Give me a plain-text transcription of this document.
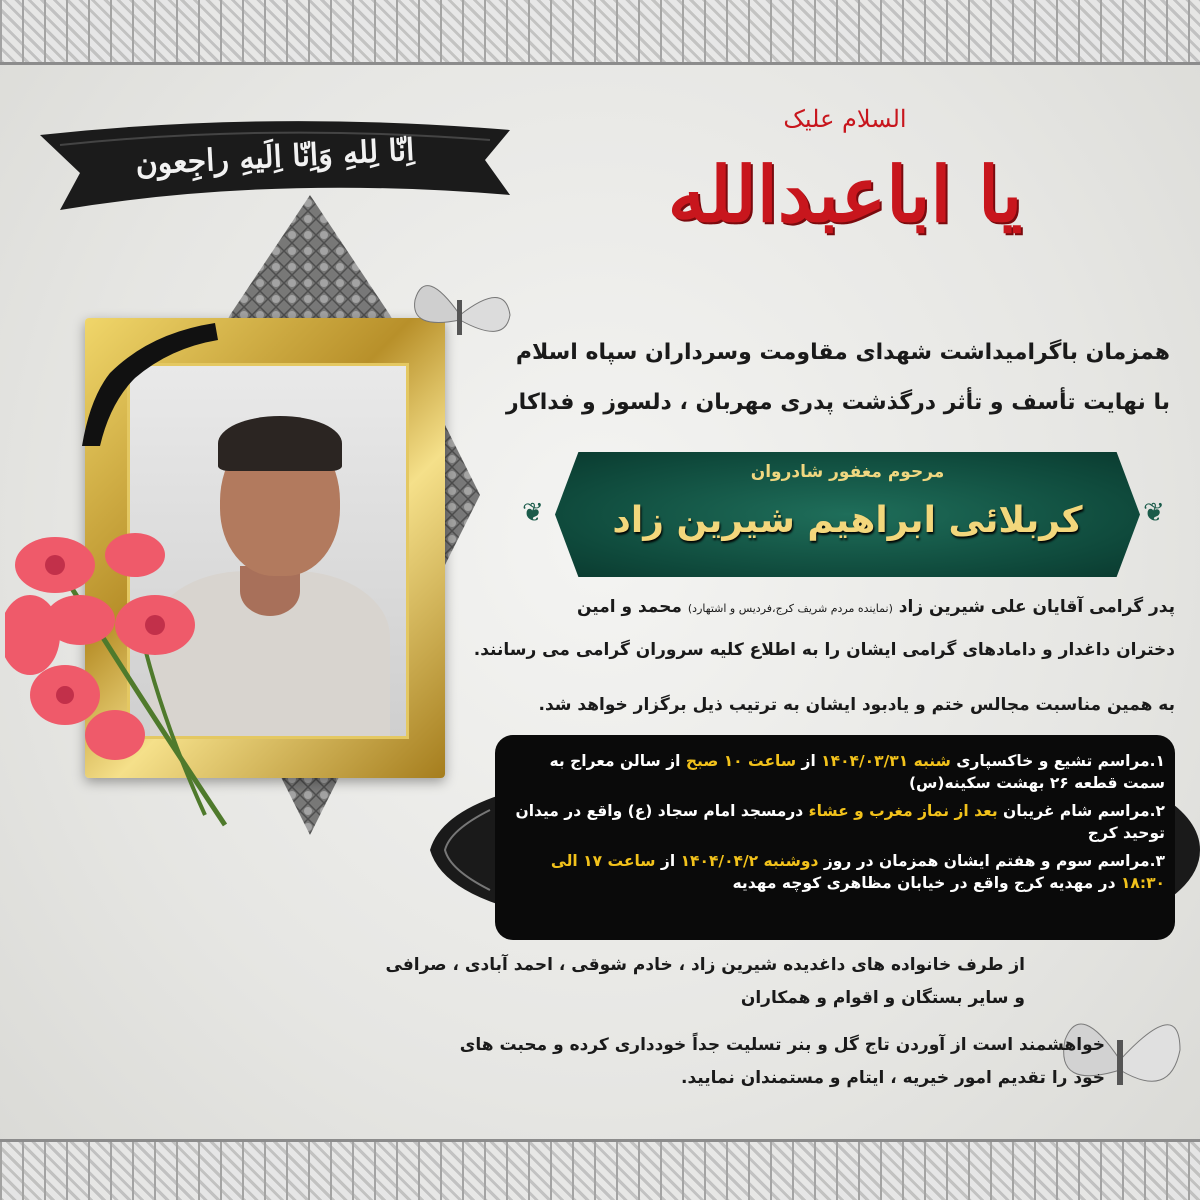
اِنّا لِلهِ وَاِنّا اِلَیهِ راجِعون
السلام علیک
یا اباعبدالله
همزمان باگرامیداشت شهدای مقاومت وسرداران سپاه اسلام
با نهایت تأسف و تأثر درگذشت پدری مهربان ، دلسوز و فداکار
❦	❦
مرحوم مغفور شادروان
کربلائی ابراهیم شیرین زاد
پدر گرامی آقایان علی شیرین زاد (نماینده مردم شریف کرج،فردیس و اشتهارد) محمد و امین
دختران داغدار و دامادهای گرامی ایشان را به اطلاع کلیه سروران گرامی می رسانند.
به همین مناسبت مجالس ختم و یادبود ایشان به ترتیب ذیل برگزار خواهد شد.
۱.مراسم تشیع و خاکسپاری شنبه ۱۴۰۴/۰۳/۳۱ از ساعت ۱۰ صبح از سالن معراج به سمت قطعه ۲۶ بهشت سکینه(س)
۲.مراسم شام غریبان بعد از نماز مغرب و عشاء درمسجد امام سجاد (ع) واقع در میدان توحید کرج
۳.مراسم سوم و هفتم ایشان همزمان در روز دوشنبه ۱۴۰۴/۰۴/۲ از ساعت ۱۷ الی ۱۸:۳۰ در مهدیه کرج واقع در خیابان مظاهری کوچه مهدیه
از طرف خانواده های داغدیده شیرین زاد ، خادم شوقی ، احمد آبادی ، صرافی
و سایر بستگان و اقوام و همکاران
خواهشمند است از آوردن تاج گل و بنر تسلیت جداً خودداری کرده و محبت های
خود را تقدیم امور خیریه ، ایتام و مستمندان نمایید.
